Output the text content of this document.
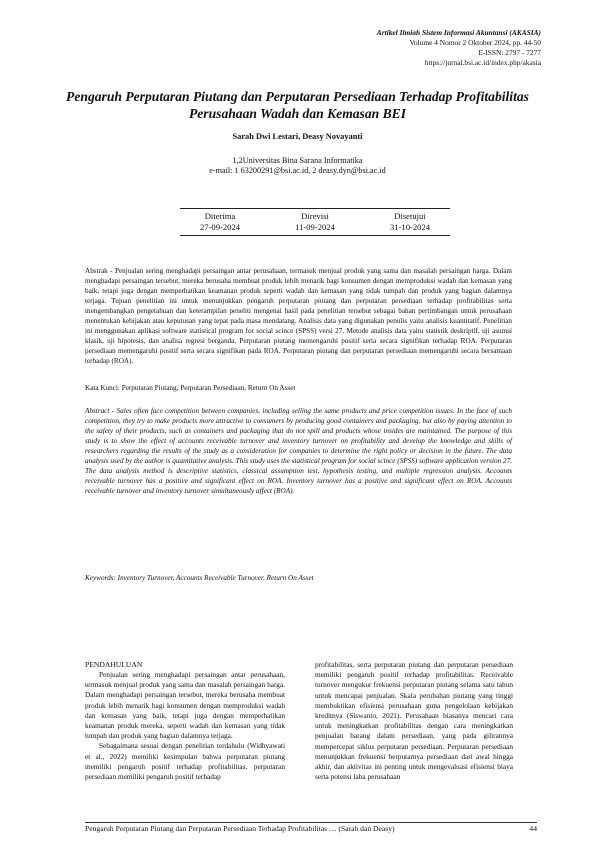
Artikel Ilmiah Sistem Informasi Akuntansi (AKASIA)
Volume 4 Nomor 2 Oktober 2024, pp. 44-50
E-ISSN: 2797 - 7277
https://jurnal.bsi.ac.id/index.php/akasia
Pengaruh Perputaran Piutang dan Perputaran Persediaan Terhadap Profitabilitas Perusahaan Wadah dan Kemasan BEI
Sarah Dwi Lestari, Deasy Novayanti
1,2Universitas Bina Sarana Informatika
e-mail: 1 63200291@bsi.ac.id, 2 deasy.dyn@bsi.ac.id
Diterima	Direvisi	Disetujui
27-09-2024	11-09-2024	31-10-2024
Abstrak - Penjualan sering menghadapi persaingan antar perusahaan, termasuk menjual produk yang sama dan masalah persaingan harga. Dalam menghadapi persaingan tersebut, mereka berusaha membuat produk lebih menarik bagi konsumen dengan memproduksi wadah dan kemasan yang baik, tetapi juga dengan memperhatikan keamanan produk seperti wadah dan kemasan yang tidak tumpah dan produk yang bagian dalamnya terjaga. Tujuan penelitian ini untuk menunjukkan pengaruh perputaran piutang dan perputaran persediaan terhadap profitabilitas serta mengembangkan pengetahuan dan keterampilan peneliti mengenai hasil pada penelitian tersebut sebagai bahan pertimbangan untuk perusahaan menentukan kebijakan atau keputusan yang tepat pada masa mendatang. Analisis data yang digunakan penulis yaitu analisis kuantitatif. Penelitian ini menggunakan aplikasi software statistical program for social scince (SPSS) versi 27. Metode analisis data yaitu statistik deskriptif, uji asumsi klasik, uji hipotesis, dan analisa regresi berganda. Perputaran piutang memengaruhi positif serta secara signifikan terhadap ROA. Perputaran persediaan memengaruhi positif serta secara signifikan pada ROA. Perputaran piutang dan perputaran persediaan memengaruhi secara bersamaan terhadap (ROA).
Kata Kunci: Perputaran Piutang, Perputaran Persediaan, Return On Asset
Abstract - Sales often face competition between companies, including selling the same products and price competition issues. In the face of such competition, they try to make products more attractive to consumers by producing good containers and packaging, but also by paying attention to the safety of their products, such as containers and packaging that do not spill and products whose insides are maintained. The purpose of this study is to show the effect of accounts receivable turnover and inventory turnover on profitability and develop the knowledge and skills of researchers regarding the results of the study as a consideration for companies to determine the right policy or decision in the future. The data analysis used by the author is quantitative analysis. This study uses the statistical program for social scince (SPSS) software application version 27. The data analysis method is descriptive statistics, classical assumption test, hypothesis testing, and multiple regression analysis. Accounts receivable turnover has a positive and significant effect on ROA. Inventory turnover has a positive and significant effect on ROA. Accounts receivable turnover and inventory turnover simultaneously affect (ROA).
Keywords: Inventory Turnover, Accounts Receivable Turnover, Return On Asset
PENDAHULUAN

Penjualan sering menghadapi persaingan antar perusahaan, termasuk menjual produk yang sama dan masalah persaingan harga. Dalam menghadapi persaingan tersebut, mereka berusaha membuat produk lebih menarik bagi konsumen dengan memproduksi wadah dan kemasan yang baik, tetapi juga dengan memperhatikan keamanan produk mereka, seperti wadah dan kemasan yang tidak tumpah dan produk yang bagian dalamnya terjaga.

Sebagaimana sesuai dengan penelitian terdahulu (Widhyawati et al., 2022) memiliki kesimpulan bahwa perputaran piutang memiliki pengaruh positif terhadap profitabilitas, perputaran persediaan memiliki pengaruh positif terhadap

profitabilitas, serta perputaran piutang dan perputaran persediaan memiliki pengaruh positif terhadap profitabilitas. Receivable turnover mengukur frekuensi perputaran piutang selama satu tahun untuk mencapai penjualan. Skala perubahan piutang yang tinggi membuktikan efisiensi perusahaan guna pengelolaan kebijakan kreditnya (Siswanto, 2021). Perusahaan biasanya mencari cara untuk meningkatkan profitabilitas dengan cara meningkatkan penjualan barang dalam persediaan, yang pada gilirannya mempercepat siklus perputaran persediaan. Perputaran persediaan menunjukkan frekuensi berputarnya persediaan dari awal hingga akhir, dan aktivitas ini penting untuk mengevaluasi efisiensi biaya serta potensi laba perusahaan

Pengaruh Perputaran Piutang dan Perputaran Persediaan Terhadap Profitabilitas … (Sarah dan Deasy)	44
